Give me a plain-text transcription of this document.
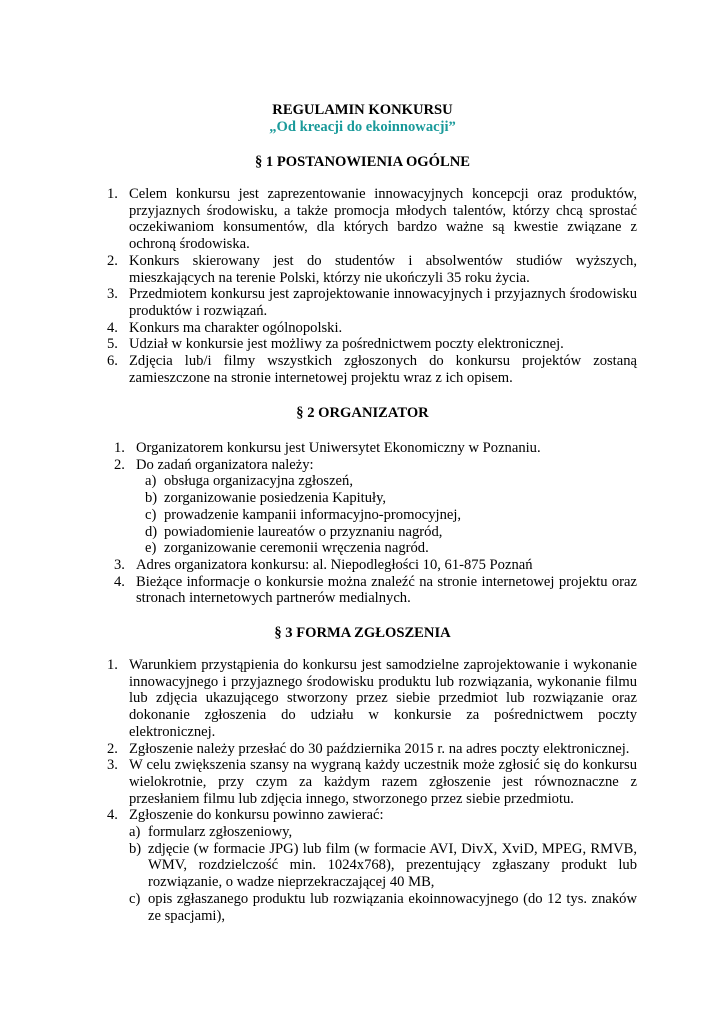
REGULAMIN KONKURSU
„Od kreacji do ekoinnowacji”
§ 1 POSTANOWIENIA OGÓLNE
1. Celem konkursu jest zaprezentowanie innowacyjnych koncepcji oraz produktów, przyjaznych środowisku, a także promocja młodych talentów, którzy chcą sprostać oczekiwaniom konsumentów, dla których bardzo ważne są kwestie związane z ochroną środowiska.
2. Konkurs skierowany jest do studentów i absolwentów studiów wyższych, mieszkających na terenie Polski, którzy nie ukończyli 35 roku życia.
3. Przedmiotem konkursu jest zaprojektowanie innowacyjnych i przyjaznych środowisku produktów i rozwiązań.
4. Konkurs ma charakter ogólnopolski.
5. Udział w konkursie jest możliwy za pośrednictwem poczty elektronicznej.
6. Zdjęcia lub/i filmy wszystkich zgłoszonych do konkursu projektów zostaną zamieszczone na stronie internetowej projektu wraz z ich opisem.
§ 2 ORGANIZATOR
1. Organizatorem konkursu jest Uniwersytet Ekonomiczny w Poznaniu.
2. Do zadań organizatora należy:
a) obsługa organizacyjna zgłoszeń,
b) zorganizowanie posiedzenia Kapituły,
c) prowadzenie kampanii informacyjno-promocyjnej,
d) powiadomienie laureatów o przyznaniu nagród,
e) zorganizowanie ceremonii wręczenia nagród.
3. Adres organizatora konkursu: al. Niepodległości 10, 61-875 Poznań
4. Bieżące informacje o konkursie można znaleźć na stronie internetowej projektu oraz stronach internetowych partnerów medialnych.
§ 3 FORMA ZGŁOSZENIA
1. Warunkiem przystąpienia do konkursu jest samodzielne zaprojektowanie i wykonanie innowacyjnego i przyjaznego środowisku produktu lub rozwiązania, wykonanie filmu lub zdjęcia ukazującego stworzony przez siebie przedmiot lub rozwiązanie oraz dokonanie zgłoszenia do udziału w konkursie za pośrednictwem poczty elektronicznej.
2. Zgłoszenie należy przesłać do 30 października 2015 r. na adres poczty elektronicznej.
3. W celu zwiększenia szansy na wygraną każdy uczestnik może zgłosić się do konkursu wielokrotnie, przy czym za każdym razem zgłoszenie jest równoznaczne z przesłaniem filmu lub zdjęcia innego, stworzonego przez siebie przedmiotu.
4. Zgłoszenie do konkursu powinno zawierać:
a) formularz zgłoszeniowy,
b) zdjęcie (w formacie JPG) lub film (w formacie AVI, DivX, XviD, MPEG, RMVB, WMV, rozdzielczość min. 1024x768), prezentujący zgłaszany produkt lub rozwiązanie, o wadze nieprzekraczającej 40 MB,
c) opis zgłaszanego produktu lub rozwiązania ekoinnowacyjnego (do 12 tys. znaków ze spacjami),
